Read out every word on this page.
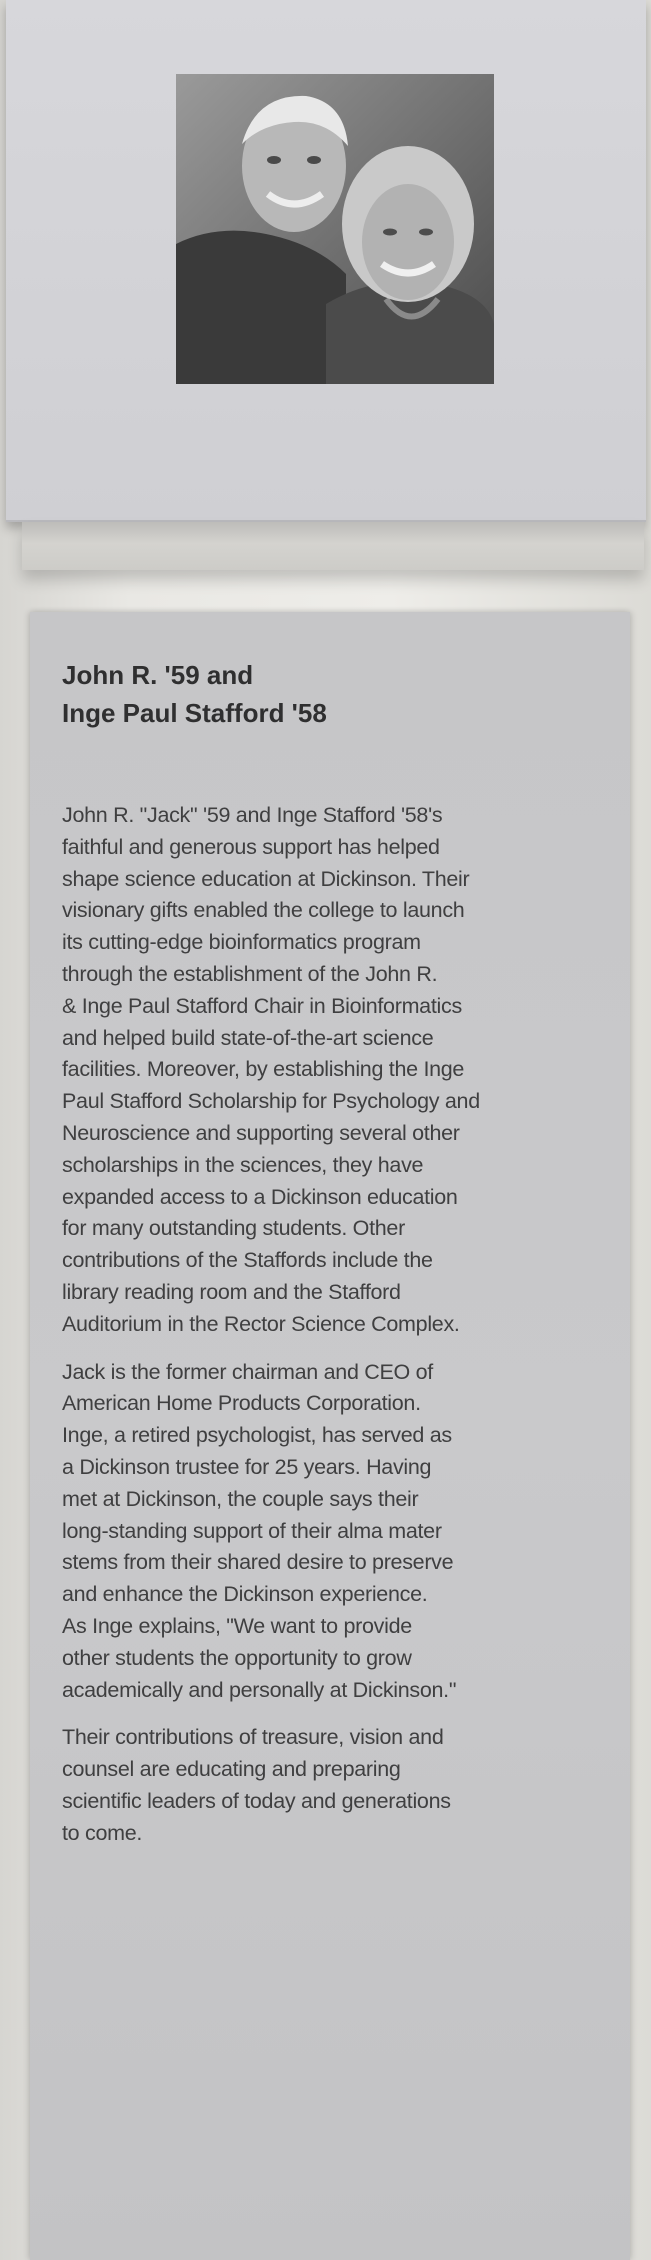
John R. '59 and
Inge Paul Stafford '58

John R. "Jack" '59 and Inge Stafford '58's
faithful and generous support has helped
shape science education at Dickinson. Their
visionary gifts enabled the college to launch
its cutting-edge bioinformatics program
through the establishment of the John R.
& Inge Paul Stafford Chair in Bioinformatics
and helped build state-of-the-art science
facilities. Moreover, by establishing the Inge
Paul Stafford Scholarship for Psychology and
Neuroscience and supporting several other
scholarships in the sciences, they have
expanded access to a Dickinson education
for many outstanding students. Other
contributions of the Staffords include the
library reading room and the Stafford
Auditorium in the Rector Science Complex.

Jack is the former chairman and CEO of
American Home Products Corporation.
Inge, a retired psychologist, has served as
a Dickinson trustee for 25 years. Having
met at Dickinson, the couple says their
long-standing support of their alma mater
stems from their shared desire to preserve
and enhance the Dickinson experience.
As Inge explains, "We want to provide
other students the opportunity to grow
academically and personally at Dickinson."

Their contributions of treasure, vision and
counsel are educating and preparing
scientific leaders of today and generations
to come.
